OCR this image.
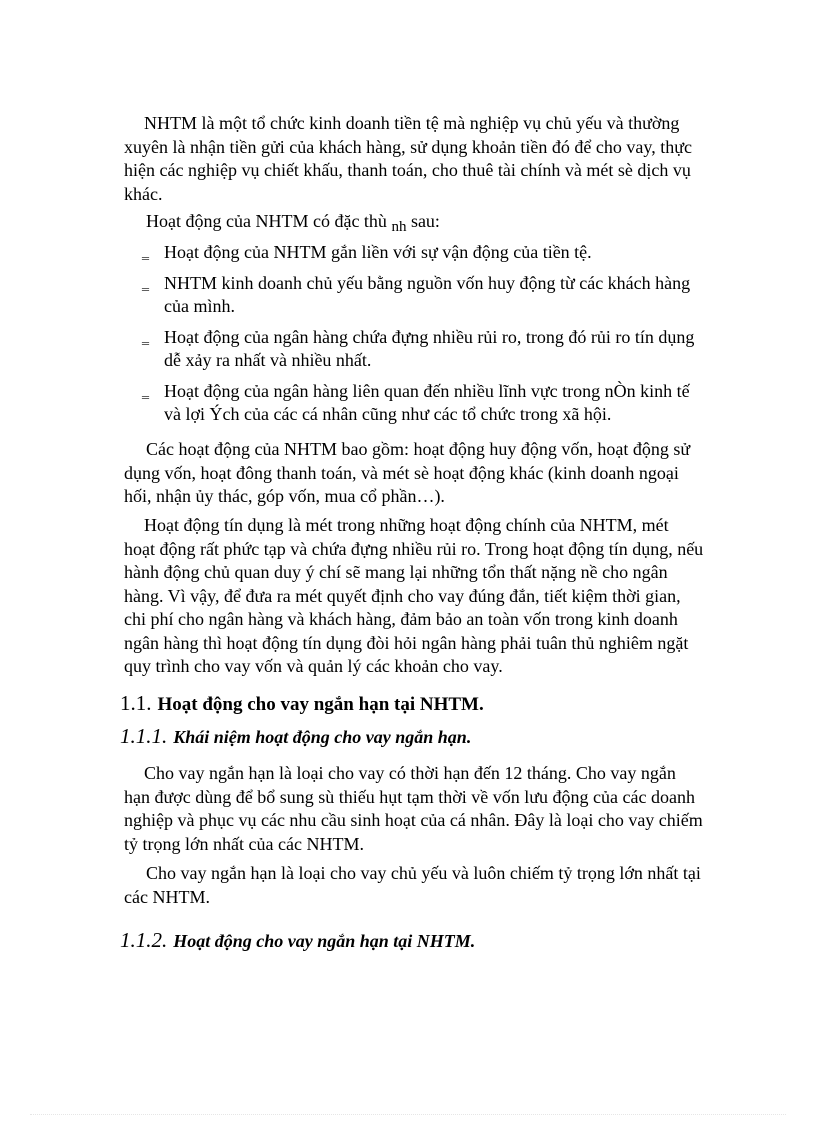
NHTM là một tổ chức kinh doanh tiền tệ mà nghiệp vụ chủ yếu và thường xuyên là nhận tiền gửi của khách hàng, sử dụng khoản tiền đó để cho vay, thực hiện các nghiệp vụ chiết khấu, thanh toán, cho thuê tài chính và mét sè dịch vụ khác.

Hoạt động của NHTM có đặc thù $_{nh}$ sau:

‗ Hoạt động của NHTM gắn liền với sự vận động của tiền tệ.
‗ NHTM kinh doanh chủ yếu bằng nguồn vốn huy động từ các khách hàng của mình.
‗ Hoạt động của ngân hàng chứa đựng nhiều rủi ro, trong đó rủi ro tín dụng dễ xảy ra nhất và nhiều nhất.
‗ Hoạt động của ngân hàng liên quan đến nhiều lĩnh vực trong nÒn kinh tế và lợi Ých của các cá nhân cũng như các tổ chức trong xã hội.

Các hoạt động của NHTM bao gồm: hoạt động huy động vốn, hoạt động sử dụng vốn, hoạt đông thanh toán, và mét sè hoạt động khác (kinh doanh ngoại hối, nhận ủy thác, góp vốn, mua cổ phần…).

Hoạt động tín dụng là mét trong những hoạt động chính của NHTM, mét hoạt động rất phức tạp và chứa đựng nhiều rủi ro. Trong hoạt động tín dụng, nếu hành động chủ quan duy ý chí sẽ mang lại những tổn thất nặng nề cho ngân hàng. Vì vậy, để đưa ra mét quyết định cho vay đúng đắn, tiết kiệm thời gian, chi phí cho ngân hàng và khách hàng, đảm bảo an toàn vốn trong kinh doanh ngân hàng thì hoạt động tín dụng đòi hỏi ngân hàng phải tuân thủ nghiêm ngặt quy trình cho vay vốn và quản lý các khoản cho vay.

1.1. Hoạt động cho vay ngắn hạn tại NHTM.
1.1.1. Khái niệm hoạt động cho vay ngắn hạn.

Cho vay ngắn hạn là loại cho vay có thời hạn đến 12 tháng. Cho vay ngắn hạn được dùng để bổ sung sù thiếu hụt tạm thời về vốn lưu động của các doanh nghiệp và phục vụ các nhu cầu sinh hoạt của cá nhân. Đây là loại cho vay chiếm tỷ trọng lớn nhất của các NHTM.

Cho vay ngắn hạn là loại cho vay chủ yếu và luôn chiếm tỷ trọng lớn nhất tại các NHTM.

1.1.2. Hoạt động cho vay ngắn hạn tại NHTM.
